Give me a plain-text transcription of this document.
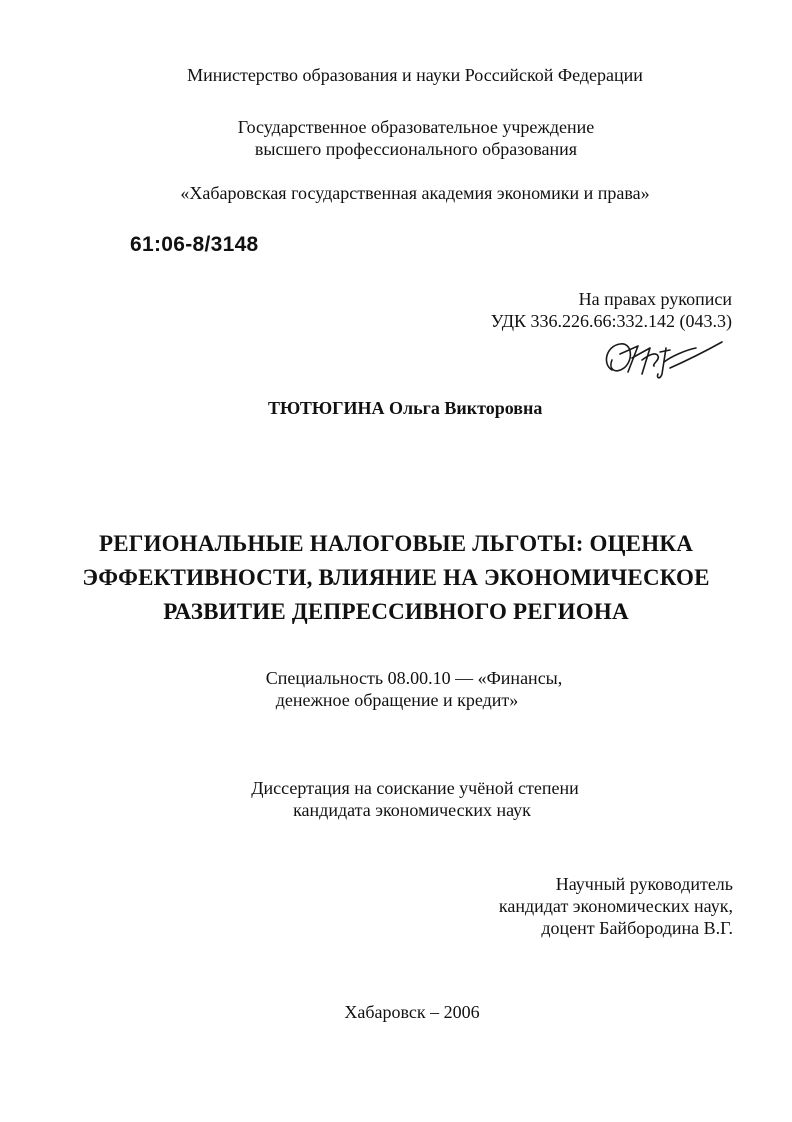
Министерство образования и науки Российской Федерации
Государственное образовательное учреждение
высшего профессионального образования
«Хабаровская государственная академия экономики и права»
61:06-8/3148
На правах рукописи
УДК 336.226.66:332.142 (043.3)
ТЮТЮГИНА Ольга Викторовна
РЕГИОНАЛЬНЫЕ НАЛОГОВЫЕ ЛЬГОТЫ: ОЦЕНКА
ЭФФЕКТИВНОСТИ, ВЛИЯНИЕ НА ЭКОНОМИЧЕСКОЕ
РАЗВИТИЕ ДЕПРЕССИВНОГО РЕГИОНА
Специальность 08.00.10 — «Финансы,
денежное обращение и кредит»
Диссертация на соискание учёной степени
кандидата экономических наук
Научный руководитель
кандидат экономических наук,
доцент Байбородина В.Г.
Хабаровск – 2006
